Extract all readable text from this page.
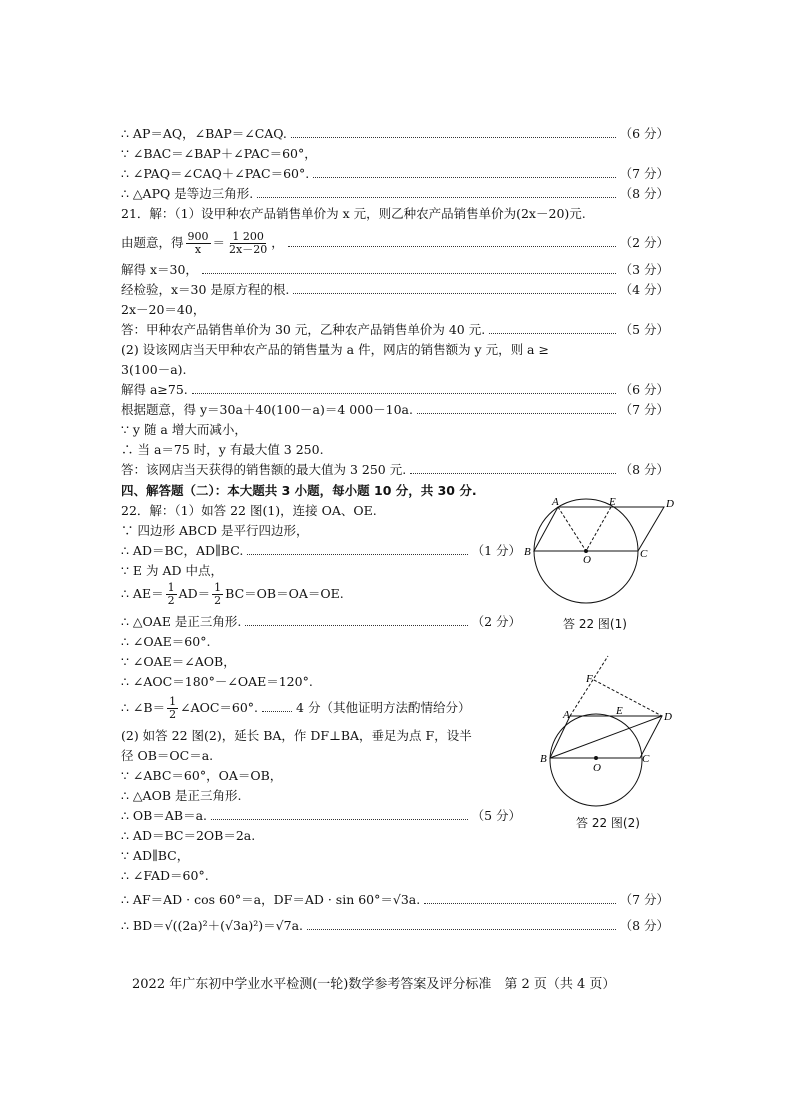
∴ AP＝AQ，∠BAP＝∠CAQ.	（6 分）
∵ ∠BAC＝∠BAP＋∠PAC＝60°，
∴ ∠PAQ＝∠CAQ＋∠PAC＝60°.	（7 分）
∴ △APQ 是等边三角形.	（8 分）
21．解：（1）设甲种农产品销售单价为 x 元，则乙种农产品销售单价为(2x－20)元.
由题意，得 $\frac{900}{x} = \frac{1 200}{2x-20}$ ，	（2 分）
解得 x＝30，	（3 分）
经检验，x＝30 是原方程的根.	（4 分）
2x－20＝40，
答：甲种农产品销售单价为 30 元，乙种农产品销售单价为 40 元.	（5 分）
(2) 设该网店当天甲种农产品的销售量为 a 件，网店的销售额为 y 元，则 a ≥
3(100－a).
解得 a≥75.	（6 分）
根据题意，得 y＝30a＋40(100－a)＝4 000－10a.	（7 分）
∵ y 随 a 增大而减小，
∴ 当 a＝75 时，y 有最大值 3 250.
答：该网店当天获得的销售额的最大值为 3 250 元.	（8 分）
四、解答题（二）：本大题共 3 小题，每小题 10 分，共 30 分.
22．解：（1）如答 22 图(1)，连接 OA、OE.
∵ 四边形 ABCD 是平行四边形，
∴ AD＝BC，AD∥BC.	（1 分）
∵ E 为 AD 中点，
∴ $AE= \frac{1}{2} AD= \frac{1}{2} BC=OB=OA=OE$.
∴ △OAE 是正三角形.	（2 分）
∴ ∠OAE＝60°.
∵ ∠OAE＝∠AOB，
∴ ∠AOC＝180°－∠OAE＝120°.
∴ ∠B＝ $\frac{1}{2}$ ∠AOC＝60°.	4 分（其他证明方法酌情给分）
(2) 如答 22 图(2)，延长 BA，作 DF⊥BA，垂足为点 F，设半
径 OB＝OC＝a.
∵ ∠ABC＝60°，OA＝OB，
∴ △AOB 是正三角形.
∴ OB＝AB＝a.	（5 分）
∴ AD＝BC＝2OB＝2a.
∵ AD∥BC，
∴ ∠FAD＝60°.
∴ AF＝AD · cos 60°＝a，DF＝AD · sin 60°＝√3a.	（7 分）
∴ BD＝√((2a)²＋(√3a)²)＝√7a.	（8 分）
A	E	D
B	C
O
答 22 图(1)
F
A	E	D
B	C
O
答 22 图(2)
2022 年广东初中学业水平检测(一轮)数学参考答案及评分标准　第 2 页（共 4 页）
